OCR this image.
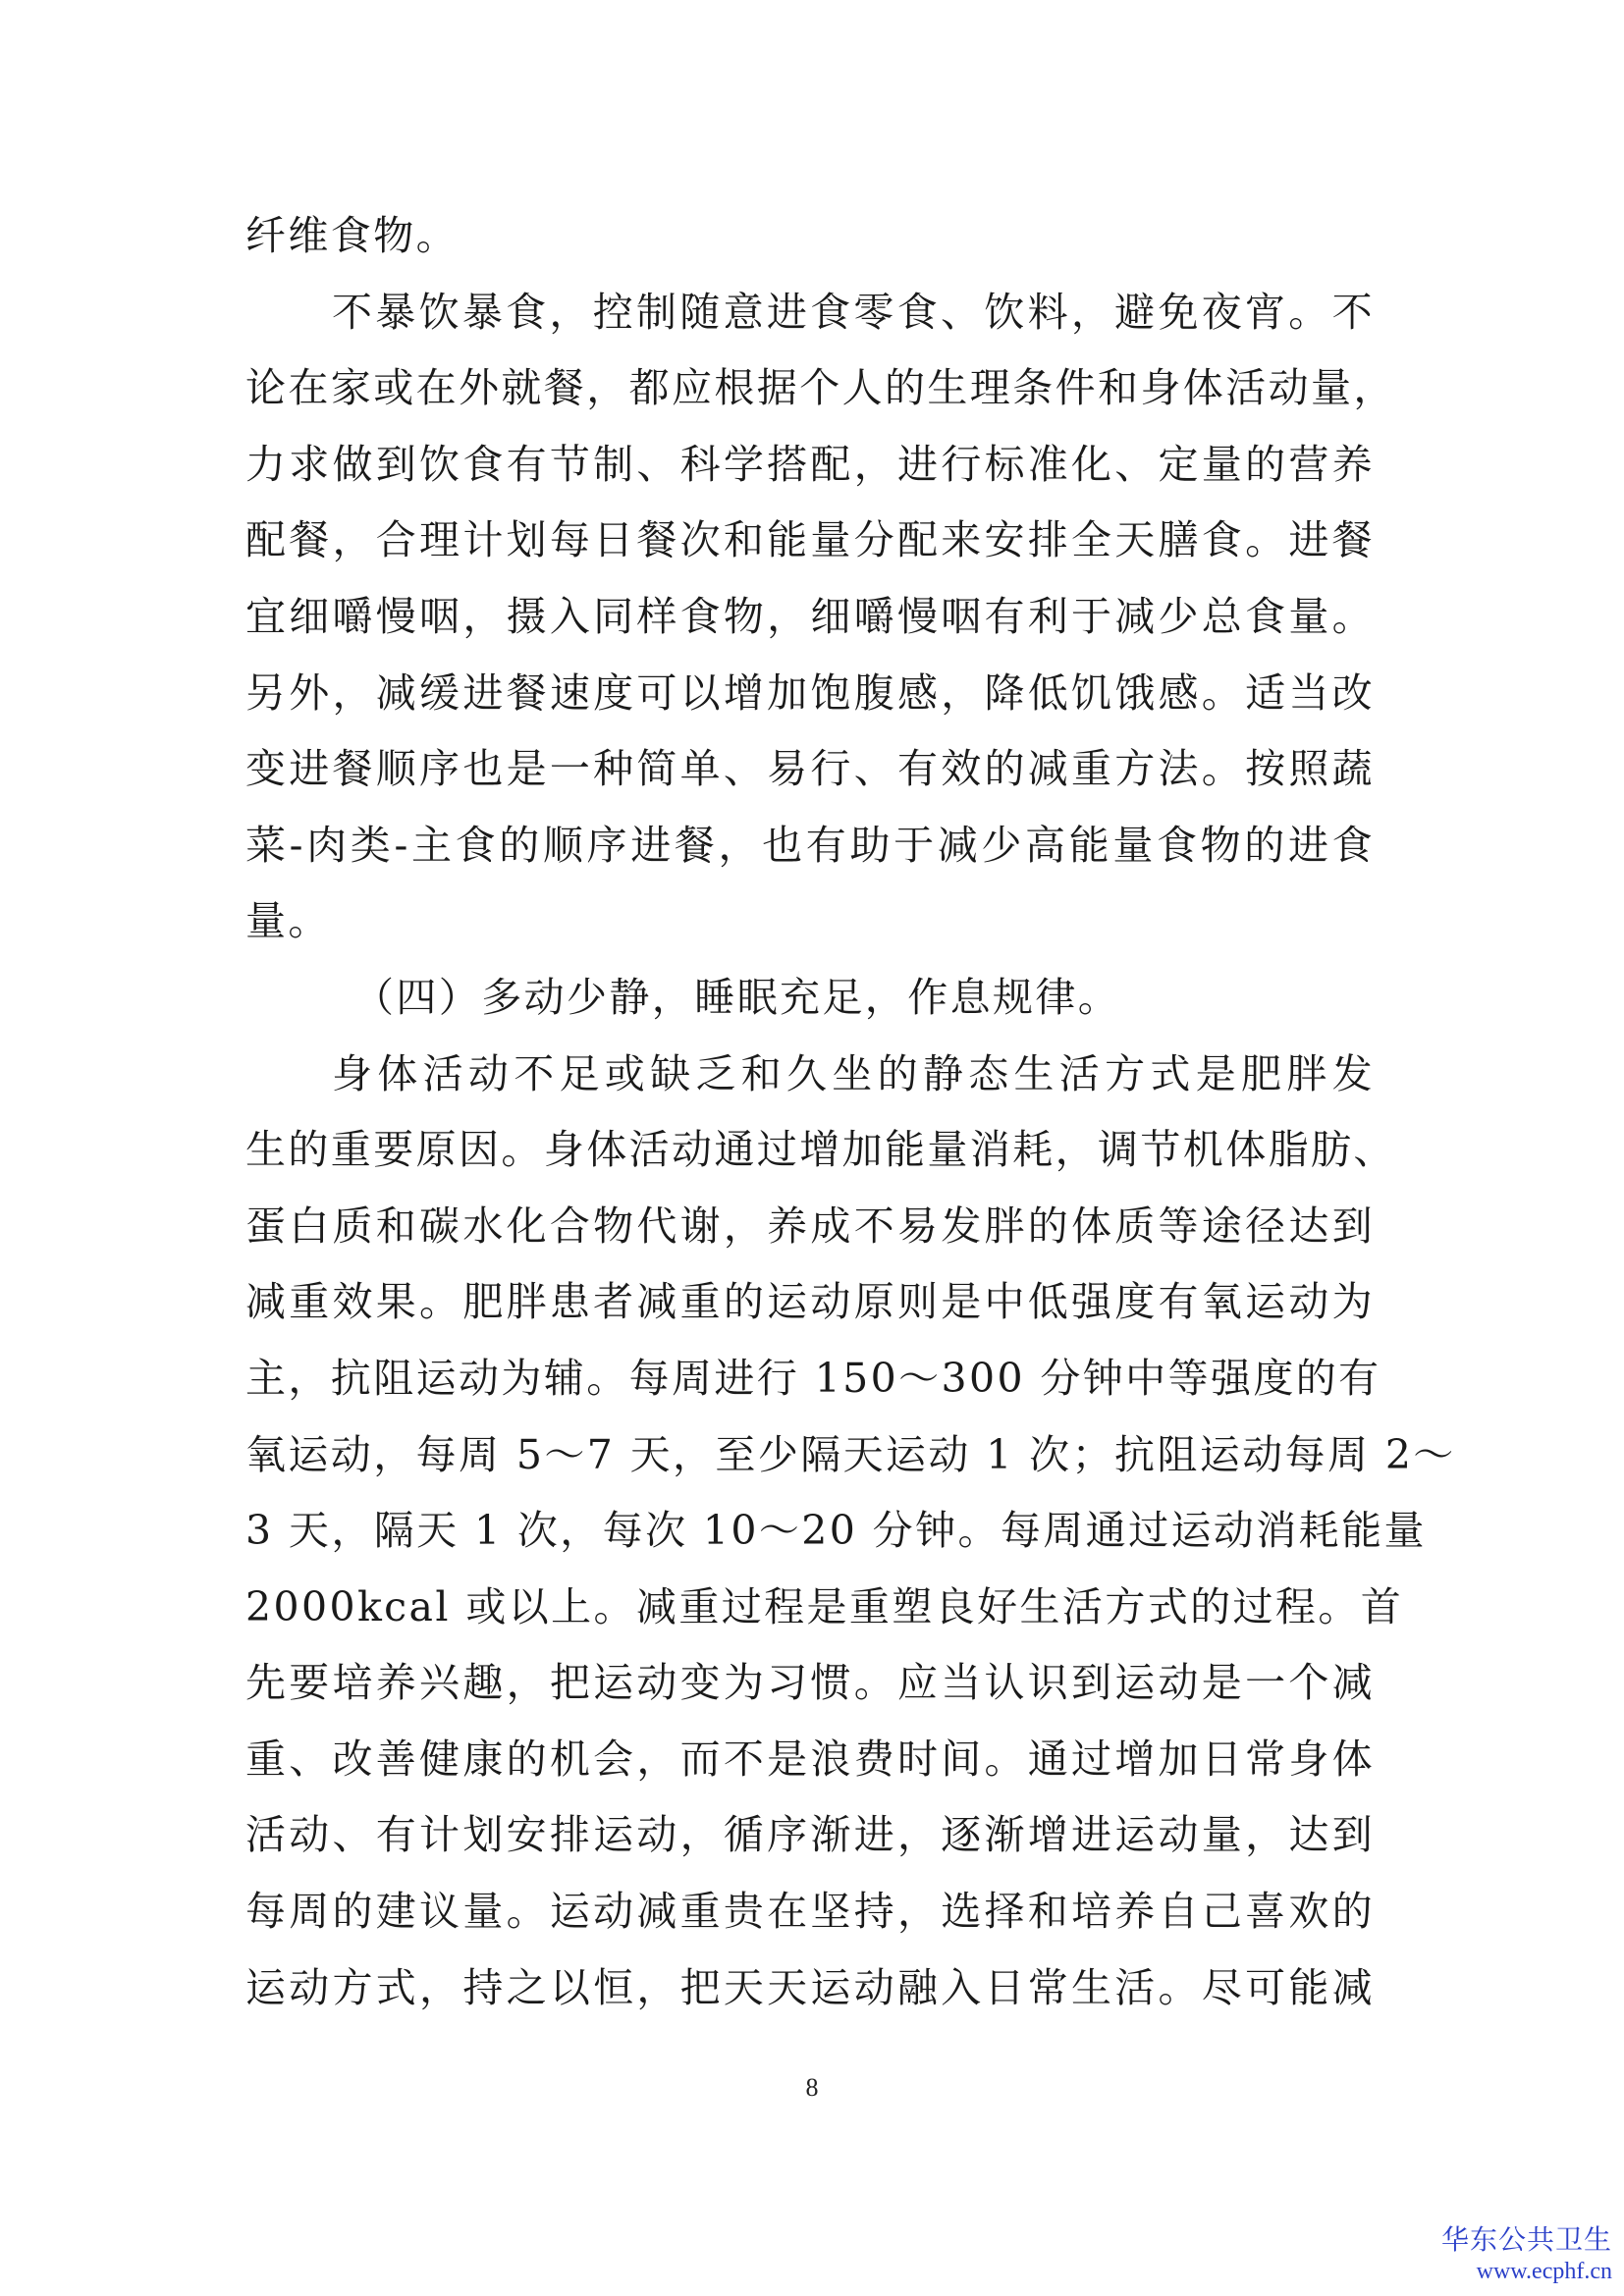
纤维食物。
不暴饮暴食，控制随意进食零食、饮料，避免夜宵。不
论在家或在外就餐，都应根据个人的生理条件和身体活动量，
力求做到饮食有节制、科学搭配，进行标准化、定量的营养
配餐，合理计划每日餐次和能量分配来安排全天膳食。进餐
宜细嚼慢咽，摄入同样食物，细嚼慢咽有利于减少总食量。
另外，减缓进餐速度可以增加饱腹感，降低饥饿感。适当改
变进餐顺序也是一种简单、易行、有效的减重方法。按照蔬
菜-肉类-主食的顺序进餐，也有助于减少高能量食物的进食
量。
（四）多动少静，睡眠充足，作息规律。
身体活动不足或缺乏和久坐的静态生活方式是肥胖发
生的重要原因。身体活动通过增加能量消耗，调节机体脂肪、
蛋白质和碳水化合物代谢，养成不易发胖的体质等途径达到
减重效果。肥胖患者减重的运动原则是中低强度有氧运动为
主，抗阻运动为辅。每周进行 150～300 分钟中等强度的有
氧运动，每周 5～7 天，至少隔天运动 1 次；抗阻运动每周 2～
3 天，隔天 1 次，每次 10～20 分钟。每周通过运动消耗能量
2000kcal 或以上。减重过程是重塑良好生活方式的过程。首
先要培养兴趣，把运动变为习惯。应当认识到运动是一个减
重、改善健康的机会，而不是浪费时间。通过增加日常身体
活动、有计划安排运动，循序渐进，逐渐增进运动量，达到
每周的建议量。运动减重贵在坚持，选择和培养自己喜欢的
运动方式，持之以恒，把天天运动融入日常生活。尽可能减
8
华东公共卫生
www.ecphf.cn
